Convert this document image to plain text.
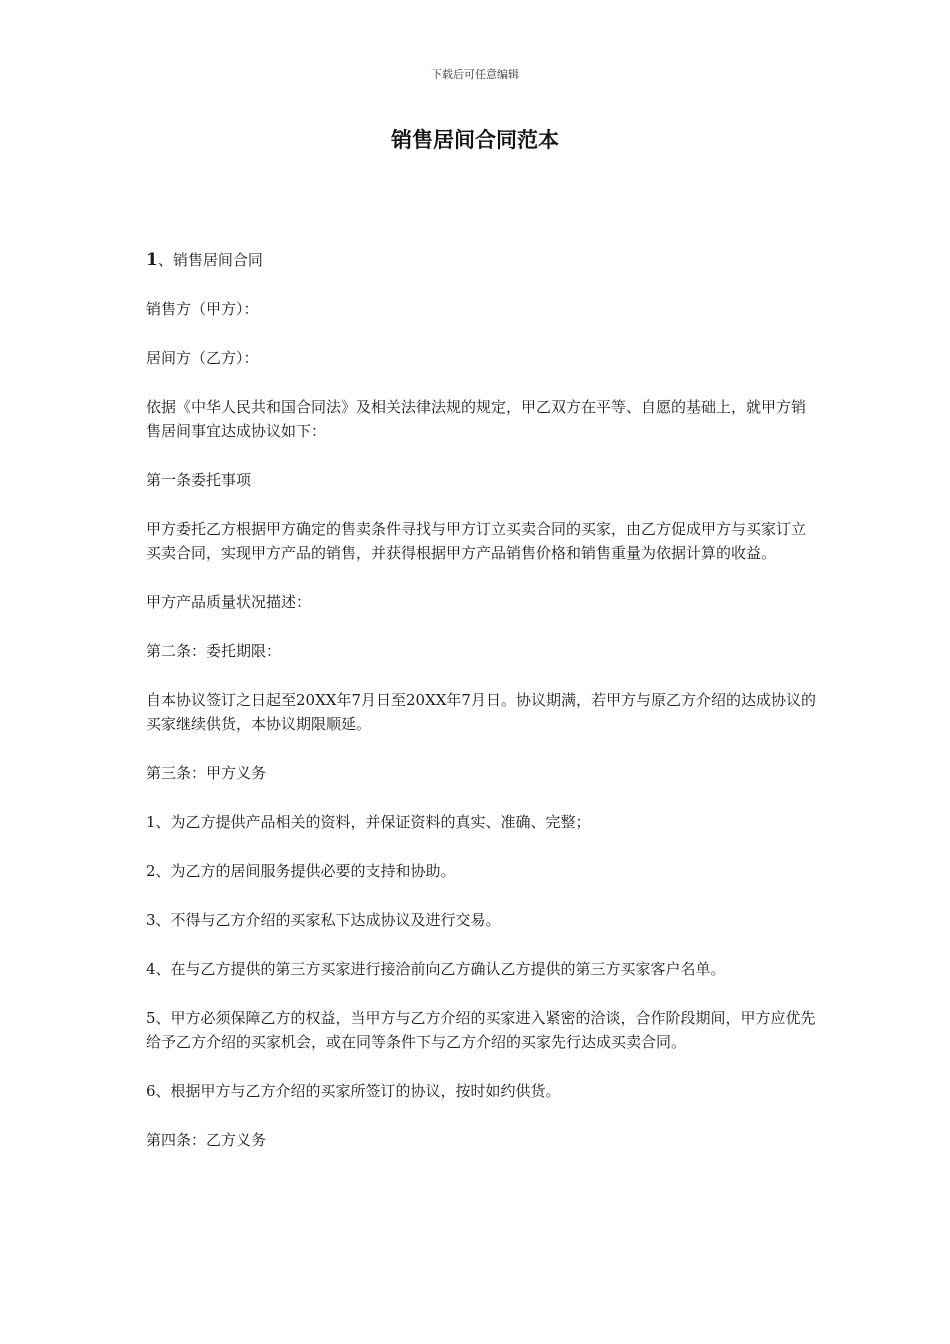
下载后可任意编辑
销售居间合同范本

1、销售居间合同

销售方（甲方）：

居间方（乙方）：

依据《中华人民共和国合同法》及相关法律法规的规定，甲乙双方在平等、自愿的基础上，就甲方销售居间事宜达成协议如下：

第一条委托事项

甲方委托乙方根据甲方确定的售卖条件寻找与甲方订立买卖合同的买家，由乙方促成甲方与买家订立买卖合同，实现甲方产品的销售，并获得根据甲方产品销售价格和销售重量为依据计算的收益。

甲方产品质量状况描述：

第二条：委托期限：

自本协议签订之日起至20XX年7月日至20XX年7月日。协议期满，若甲方与原乙方介绍的达成协议的买家继续供货，本协议期限顺延。

第三条：甲方义务

1、为乙方提供产品相关的资料，并保证资料的真实、准确、完整；

2、为乙方的居间服务提供必要的支持和协助。

3、不得与乙方介绍的买家私下达成协议及进行交易。

4、在与乙方提供的第三方买家进行接洽前向乙方确认乙方提供的第三方买家客户名单。

5、甲方必须保障乙方的权益，当甲方与乙方介绍的买家进入紧密的洽谈，合作阶段期间，甲方应优先给予乙方介绍的买家机会，或在同等条件下与乙方介绍的买家先行达成买卖合同。

6、根据甲方与乙方介绍的买家所签订的协议，按时如约供货。

第四条：乙方义务
